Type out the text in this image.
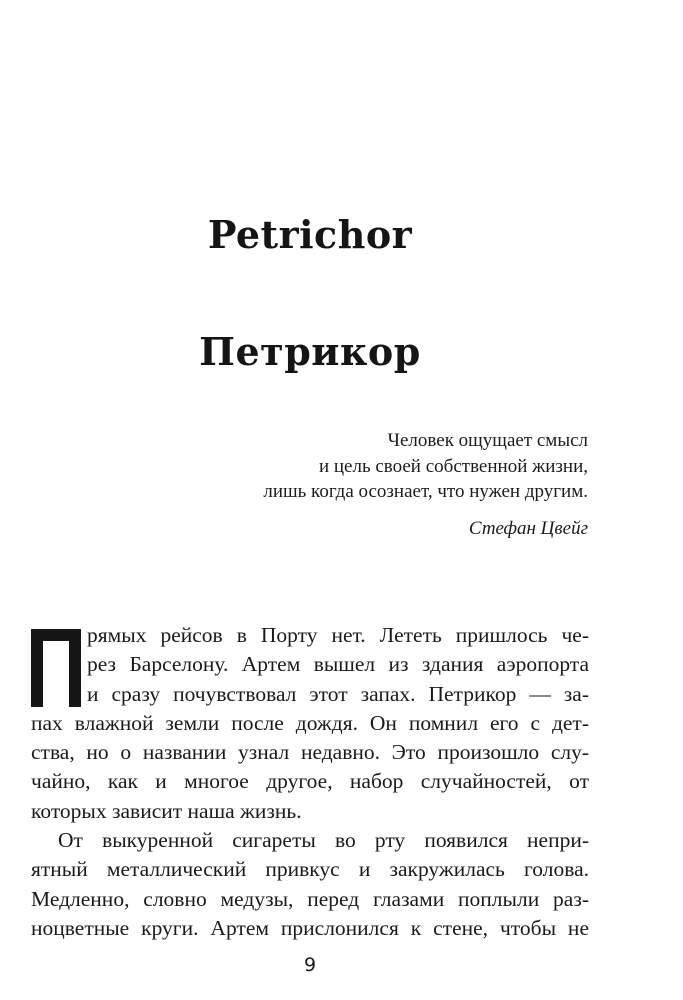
Petrichor
Петрикор
Человек ощущает смысл
и цель своей собственной жизни,
лишь когда осознает, что нужен другим.
Стефан Цвейг
рямых рейсов в Порту нет. Лететь пришлось че-
рез Барселону. Артем вышел из здания аэропорта
и сразу почувствовал этот запах. Петрикор — за-
пах влажной земли после дождя. Он помнил его с дет-
ства, но о названии узнал недавно. Это произошло слу-
чайно, как и многое другое, набор случайностей, от
которых зависит наша жизнь.
От выкуренной сигареты во рту появился непри-
ятный металлический привкус и закружилась голова.
Медленно, словно медузы, перед глазами поплыли раз-
ноцветные круги. Артем прислонился к стене, чтобы не
9
